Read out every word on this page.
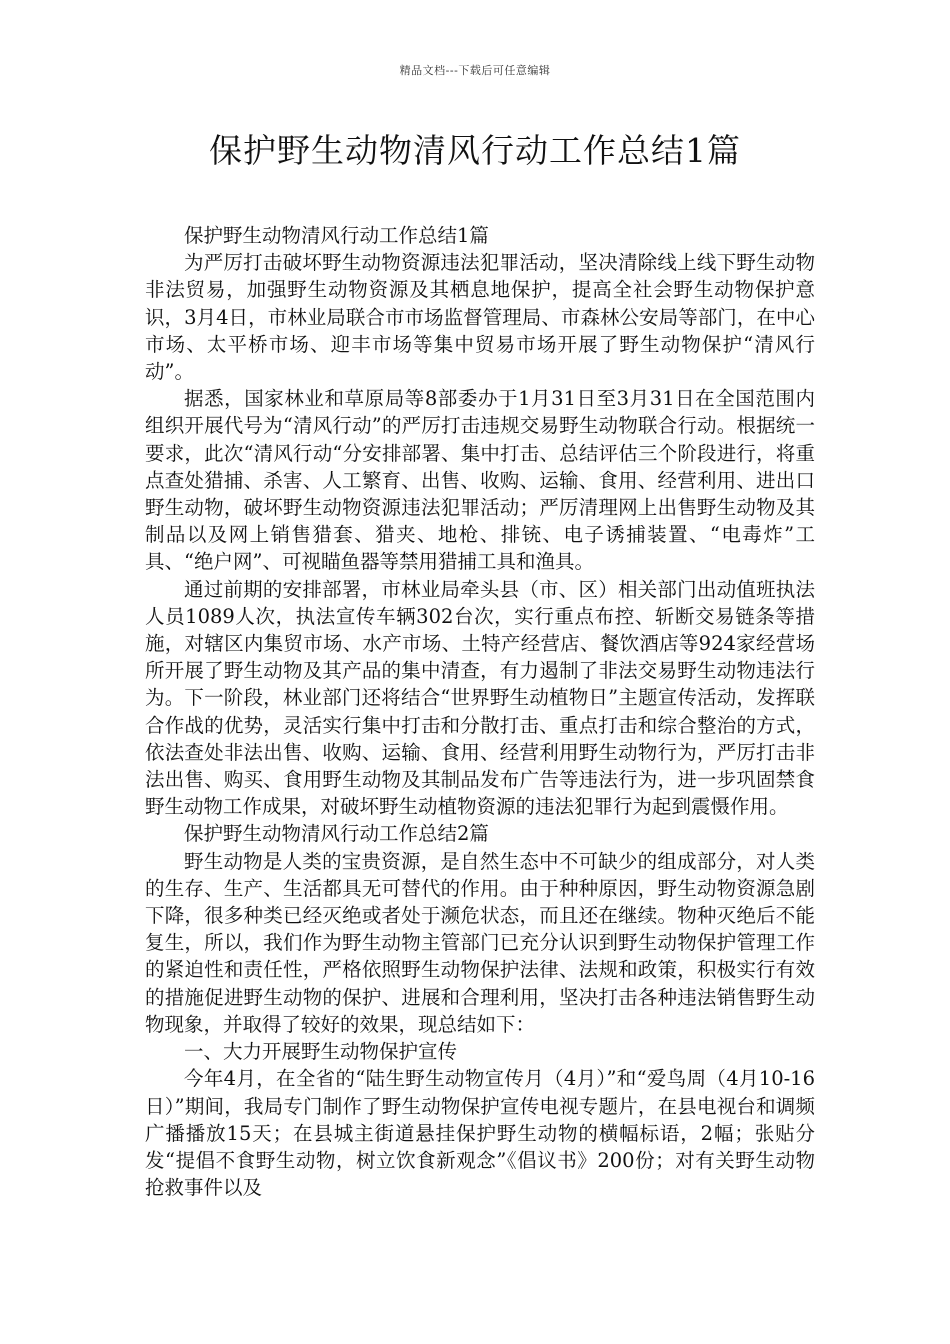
精品文档---下载后可任意编辑
保护野生动物清风行动工作总结1篇

保护野生动物清风行动工作总结1篇

为严厉打击破坏野生动物资源违法犯罪活动，坚决清除线上线下野生动物非法贸易，加强野生动物资源及其栖息地保护，提高全社会野生动物保护意识，3月4日，市林业局联合市市场监督管理局、市森林公安局等部门，在中心市场、太平桥市场、迎丰市场等集中贸易市场开展了野生动物保护“清风行动”。

据悉，国家林业和草原局等8部委办于1月31日至3月31日在全国范围内组织开展代号为“清风行动”的严厉打击违规交易野生动物联合行动。根据统一要求，此次“清风行动“分安排部署、集中打击、总结评估三个阶段进行，将重点查处猎捕、杀害、人工繁育、出售、收购、运输、食用、经营利用、进出口野生动物，破坏野生动物资源违法犯罪活动；严厉清理网上出售野生动物及其制品以及网上销售猎套、猎夹、地枪、排铳、电子诱捕装置、“电毒炸”工具、“绝户网”、可视瞄鱼器等禁用猎捕工具和渔具。

通过前期的安排部署，市林业局牵头县（市、区）相关部门出动值班执法人员1089人次，执法宣传车辆302台次，实行重点布控、斩断交易链条等措施，对辖区内集贸市场、水产市场、土特产经营店、餐饮酒店等924家经营场所开展了野生动物及其产品的集中清查，有力遏制了非法交易野生动物违法行为。下一阶段，林业部门还将结合“世界野生动植物日”主题宣传活动，发挥联合作战的优势，灵活实行集中打击和分散打击、重点打击和综合整治的方式，依法查处非法出售、收购、运输、食用、经营利用野生动物行为，严厉打击非法出售、购买、食用野生动物及其制品发布广告等违法行为，进一步巩固禁食野生动物工作成果，对破坏野生动植物资源的违法犯罪行为起到震慑作用。

保护野生动物清风行动工作总结2篇

野生动物是人类的宝贵资源，是自然生态中不可缺少的组成部分，对人类的生存、生产、生活都具无可替代的作用。由于种种原因，野生动物资源急剧下降，很多种类已经灭绝或者处于濒危状态，而且还在继续。物种灭绝后不能复生，所以，我们作为野生动物主管部门已充分认识到野生动物保护管理工作的紧迫性和责任性，严格依照野生动物保护法律、法规和政策，积极实行有效的措施促进野生动物的保护、进展和合理利用，坚决打击各种违法销售野生动物现象，并取得了较好的效果，现总结如下：

一、大力开展野生动物保护宣传

今年4月，在全省的“陆生野生动物宣传月（4月）”和“爱鸟周（4月10-16日）”期间，我局专门制作了野生动物保护宣传电视专题片，在县电视台和调频广播播放15天；在县城主街道悬挂保护野生动物的横幅标语，2幅；张贴分发“提倡不食野生动物，树立饮食新观念”《倡议书》200份；对有关野生动物抢救事件以及
